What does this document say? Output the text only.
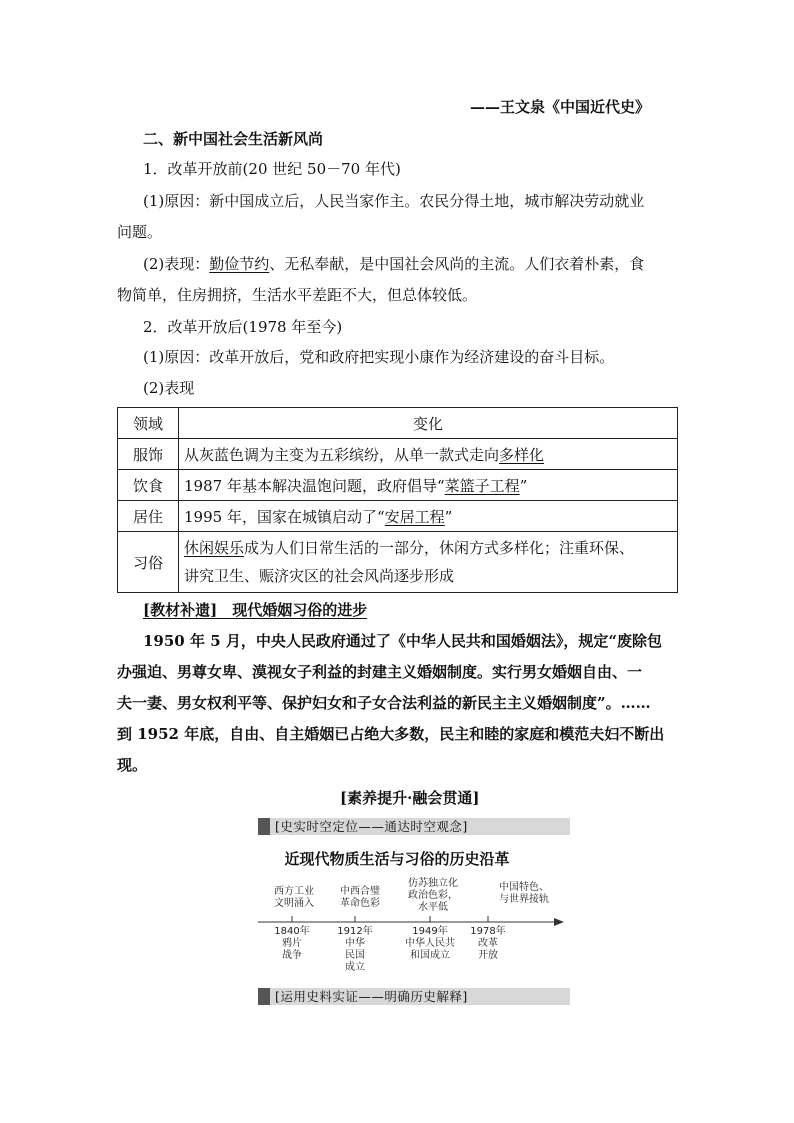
——王文泉《中国近代史》
二、新中国社会生活新风尚
1．改革开放前(20 世纪 50－70 年代)
(1)原因：新中国成立后，人民当家作主。农民分得土地，城市解决劳动就业
问题。
(2)表现：勤俭节约、无私奉献，是中国社会风尚的主流。人们衣着朴素，食
物简单，住房拥挤，生活水平差距不大，但总体较低。
2．改革开放后(1978 年至今)
(1)原因：改革开放后，党和政府把实现小康作为经济建设的奋斗目标。
(2)表现
领域	变化
服饰	从灰蓝色调为主变为五彩缤纷，从单一款式走向多样化
饮食	1987 年基本解决温饱问题，政府倡导“菜篮子工程”
居住	1995 年，国家在城镇启动了“安居工程”
习俗	休闲娱乐成为人们日常生活的一部分，休闲方式多样化；注重环保、
讲究卫生、赈济灾区的社会风尚逐步形成
[教材补遗]　现代婚姻习俗的进步
1950 年 5 月，中央人民政府通过了《中华人民共和国婚姻法》，规定“废除包
办强迫、男尊女卑、漠视女子利益的封建主义婚姻制度。实行男女婚姻自由、一
夫一妻、男女权利平等、保护妇女和子女合法利益的新民主主义婚姻制度”。……
到 1952 年底，自由、自主婚姻已占绝大多数，民主和睦的家庭和模范夫妇不断出
现。
[素养提升·融会贯通]
[史实时空定位——通达时空观念]
近现代物质生活与习俗的历史沿革
西方工业
文明涌入
中西合璧
革命色彩
仿苏独立化
政治色彩，
水平低
中国特色、
与世界接轨
1840年
鸦片
战争
1912年
中华
民国
成立
1949年
中华人民共
和国成立
1978年
改革
开放
[运用史料实证——明确历史解释]
